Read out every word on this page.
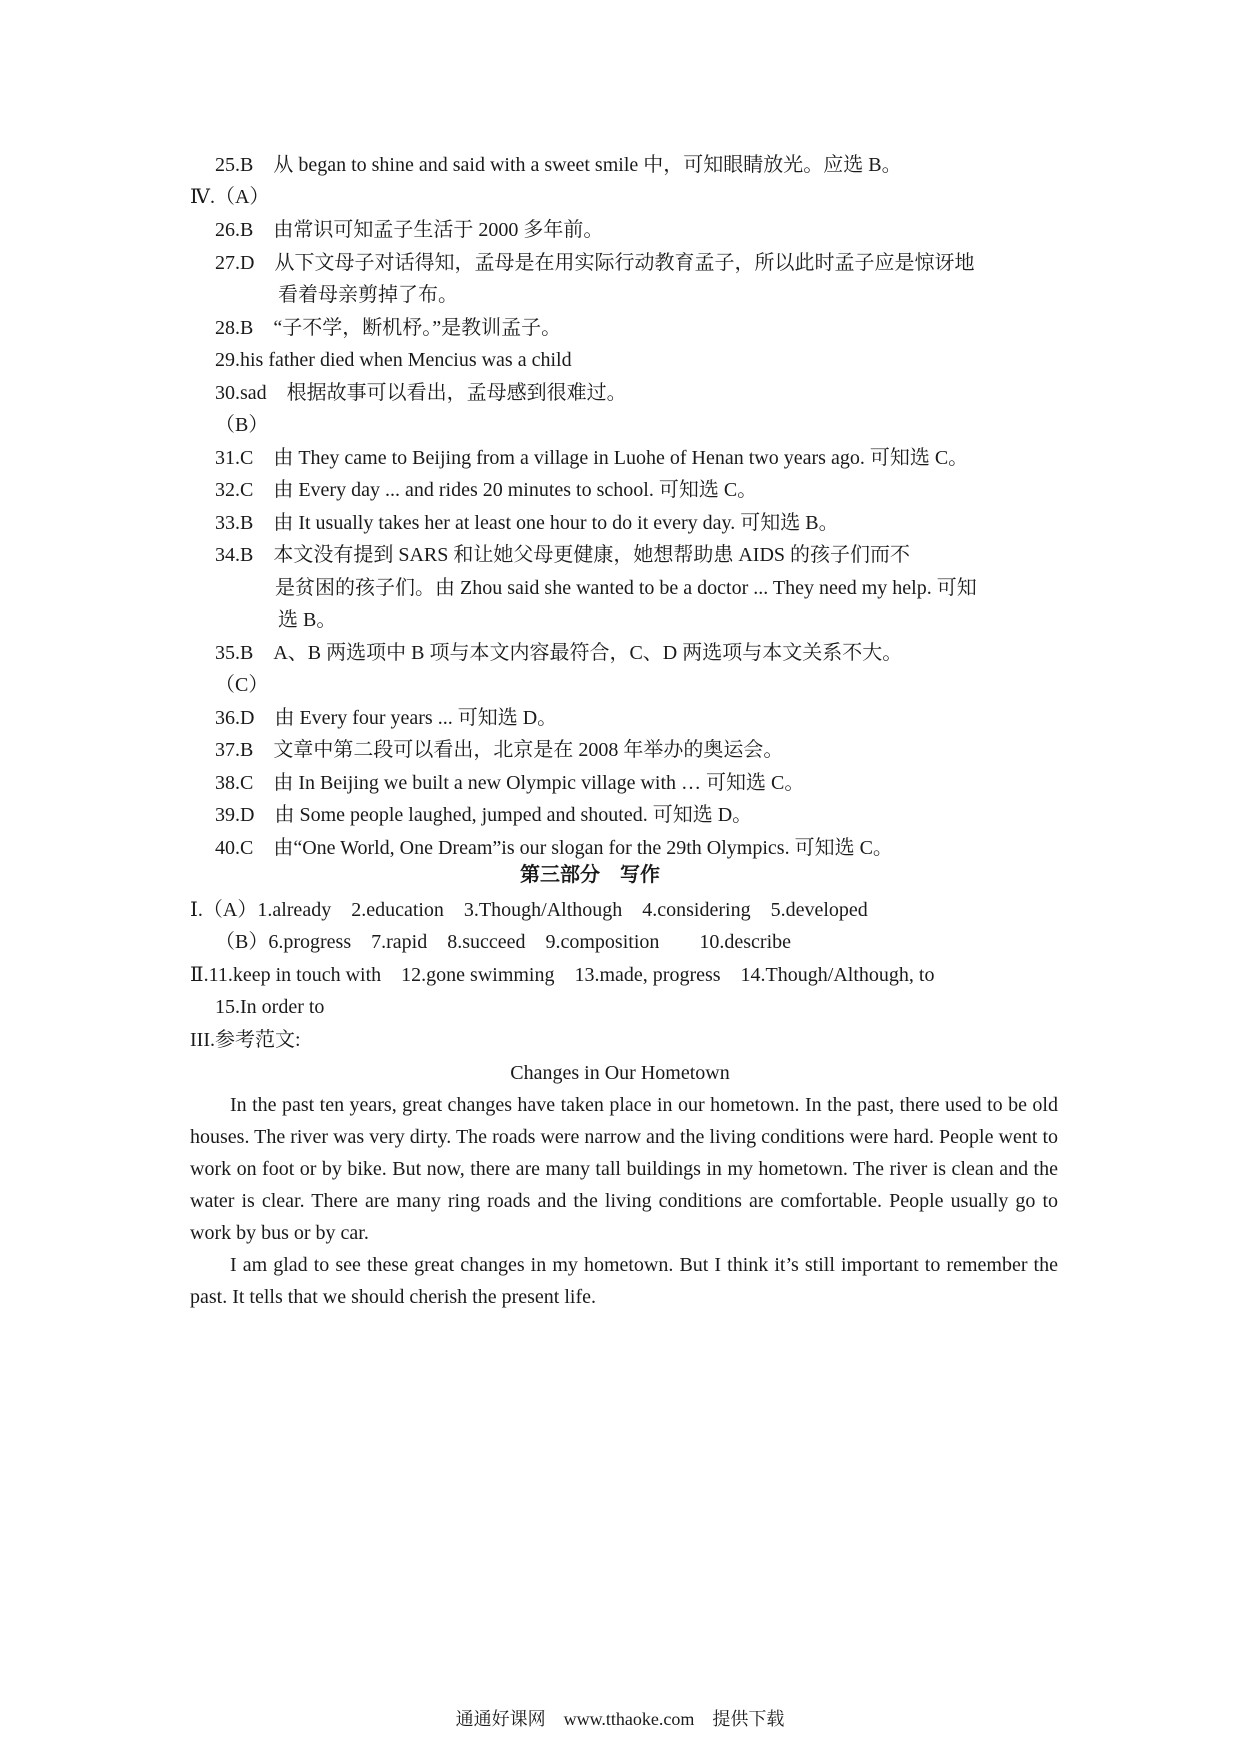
25.B　从 began to shine and said with a sweet smile 中，可知眼睛放光。应选 B。
Ⅳ.（A）
26.B　由常识可知孟子生活于 2000 多年前。
27.D　从下文母子对话得知，孟母是在用实际行动教育孟子，所以此时孟子应是惊讶地
看着母亲剪掉了布。
28.B　“子不学，断机杼。”是教训孟子。
29.his father died when Mencius was a child
30.sad　根据故事可以看出，孟母感到很难过。
（B）
31.C　由 They came to Beijing from a village in Luohe of Henan two years ago. 可知选 C。
32.C　由 Every day ... and rides 20 minutes to school. 可知选 C。
33.B　由 It usually takes her at least one hour to do it every day. 可知选 B。
34.B　本文没有提到 SARS 和让她父母更健康，她想帮助患 AIDS 的孩子们而不
是贫困的孩子们。由 Zhou said she wanted to be a doctor ... They need my help. 可知
选 B。
35.B　A、B 两选项中 B 项与本文内容最符合，C、D 两选项与本文关系不大。
（C）
36.D　由 Every four years ... 可知选 D。
37.B　文章中第二段可以看出，北京是在 2008 年举办的奥运会。
38.C　由 In Beijing we built a new Olympic village with … 可知选 C。
39.D　由 Some people laughed, jumped and shouted. 可知选 D。
40.C　由“One World, One Dream”is our slogan for the 29th Olympics. 可知选 C。
第三部分　写作
Ⅰ.（A）1.already　2.education　3.Though/Although　4.considering　5.developed
（B）6.progress　7.rapid　8.succeed　9.composition　　10.describe
Ⅱ.11.keep in touch with　12.gone swimming　13.made, progress　14.Though/Although, to
15.In order to
III.参考范文:
Changes in Our Hometown

In the past ten years, great changes have taken place in our hometown. In the past, there used to be old houses. The river was very dirty. The roads were narrow and the living conditions were hard. People went to work on foot or by bike. But now, there are many tall buildings in my hometown. The river is clean and the water is clear. There are many ring roads and the living conditions are comfortable. People usually go to work by bus or by car.

I am glad to see these great changes in my hometown. But I think it’s still important to remember the past. It tells that we should cherish the present life.

通通好课网　www.tthaoke.com　提供下载
